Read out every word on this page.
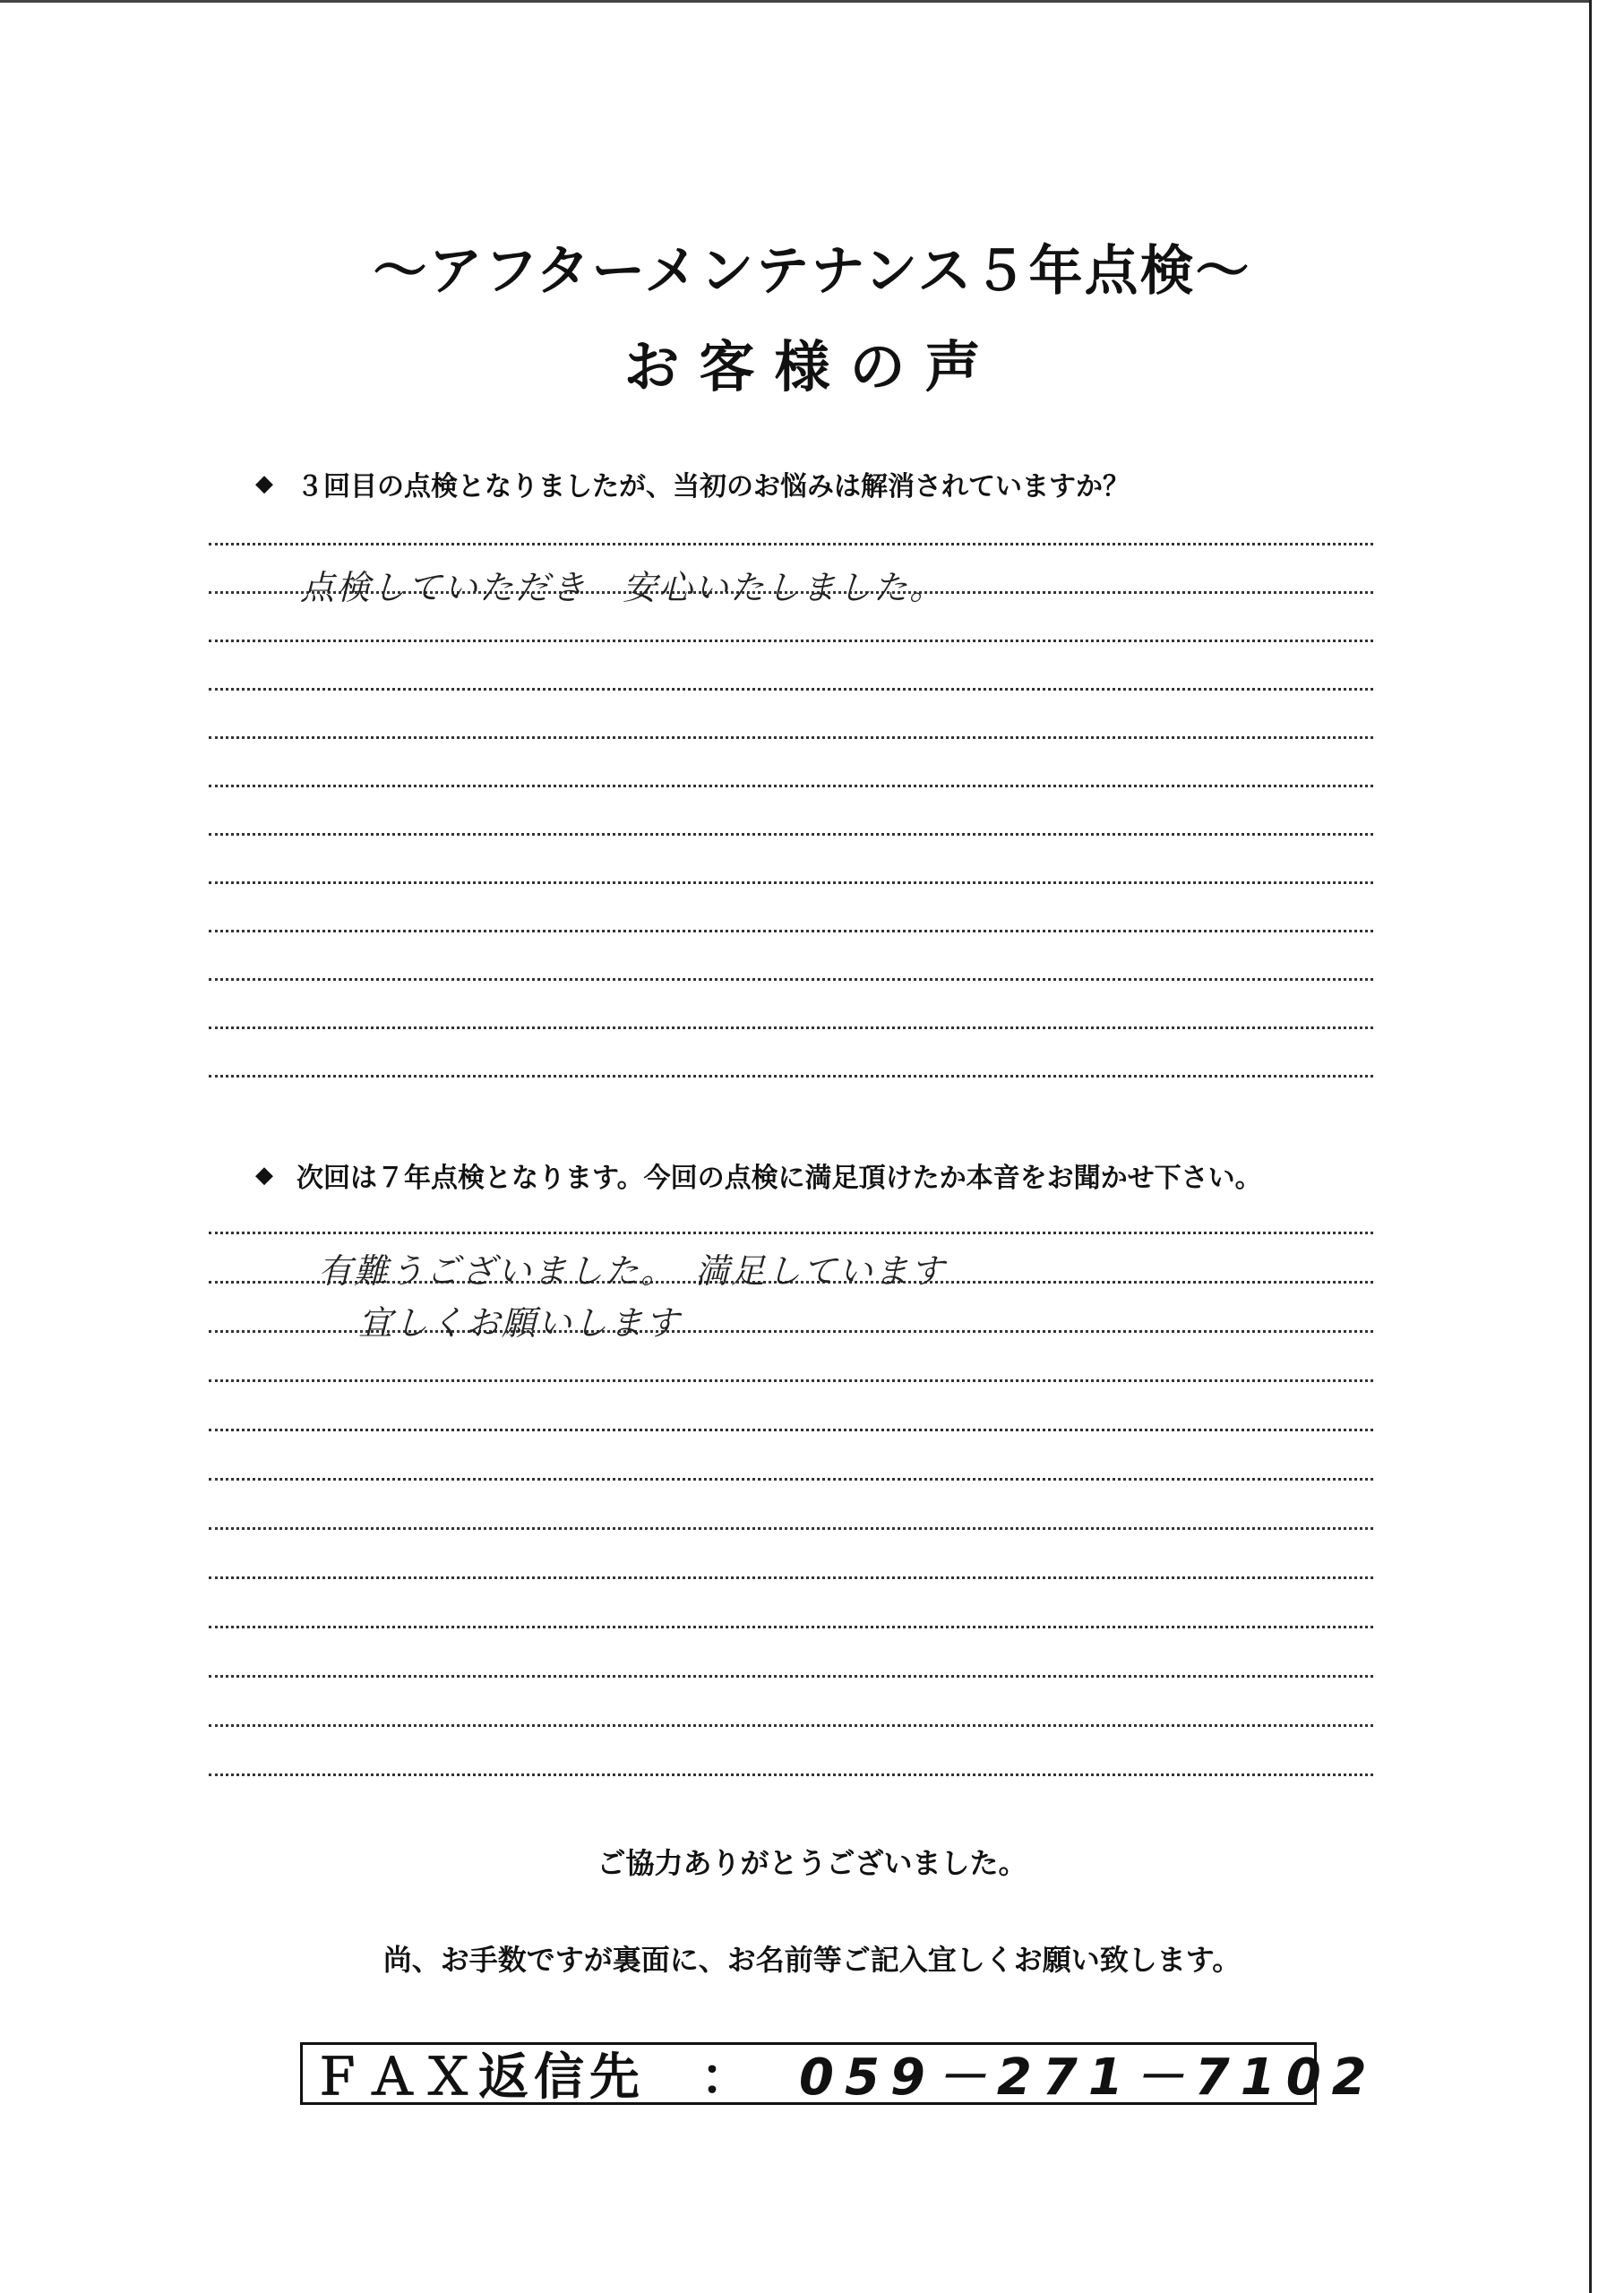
～アフターメンテナンス５年点検～
お客様の声
◆ ３回目の点検となりましたが、当初のお悩みは解消されていますか？
点検していただき　安心いたしました。
◆ 次回は７年点検となります。今回の点検に満足頂けたか本音をお聞かせ下さい。
有難うございました。　満足しています
宜しくお願いします
ご協力ありがとうございました。
尚、お手数ですが裏面に、お名前等ご記入宜しくお願い致します。
ＦＡＸ返信先　： 059－271－7102
